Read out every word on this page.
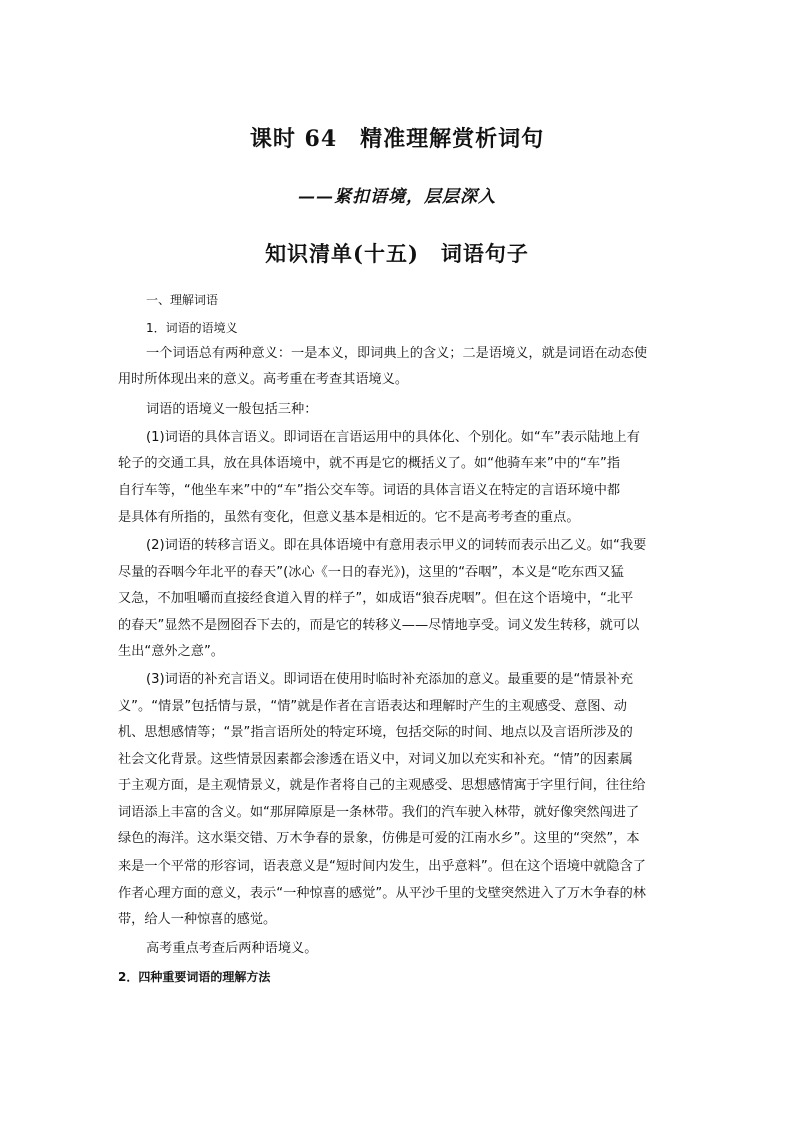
课时 64　精准理解赏析词句
——紧扣语境，层层深入
知识清单(十五)　词语句子
一、理解词语
1．词语的语境义
一个词语总有两种意义：一是本义，即词典上的含义；二是语境义，就是词语在动态使
用时所体现出来的意义。高考重在考查其语境义。
词语的语境义一般包括三种：
(1)词语的具体言语义。即词语在言语运用中的具体化、个别化。如“车”表示陆地上有
轮子的交通工具，放在具体语境中，就不再是它的概括义了。如“他骑车来”中的“车”指
自行车等，“他坐车来”中的“车”指公交车等。词语的具体言语义在特定的言语环境中都
是具体有所指的，虽然有变化，但意义基本是相近的。它不是高考考查的重点。
(2)词语的转移言语义。即在具体语境中有意用表示甲义的词转而表示出乙义。如“我要
尽量的吞咽今年北平的春天”(冰心《一日的春光》)，这里的“吞咽”，本义是“吃东西又猛
又急，不加咀嚼而直接经食道入胃的样子”，如成语“狼吞虎咽”。但在这个语境中，“北平
的春天”显然不是囫囵吞下去的，而是它的转移义——尽情地享受。词义发生转移，就可以
生出“意外之意”。
(3)词语的补充言语义。即词语在使用时临时补充添加的意义。最重要的是“情景补充
义”。“情景”包括情与景，“情”就是作者在言语表达和理解时产生的主观感受、意图、动
机、思想感情等；“景”指言语所处的特定环境，包括交际的时间、地点以及言语所涉及的
社会文化背景。这些情景因素都会渗透在语义中，对词义加以充实和补充。“情”的因素属
于主观方面，是主观情景义，就是作者将自己的主观感受、思想感情寓于字里行间，往往给
词语添上丰富的含义。如“那屏障原是一条林带。我们的汽车驶入林带，就好像突然闯进了
绿色的海洋。这水渠交错、万木争春的景象，仿佛是可爱的江南水乡”。这里的“突然”，本
来是一个平常的形容词，语表意义是“短时间内发生，出乎意料”。但在这个语境中就隐含了
作者心理方面的意义，表示“一种惊喜的感觉”。从平沙千里的戈壁突然进入了万木争春的林
带，给人一种惊喜的感觉。
高考重点考查后两种语境义。
2．四种重要词语的理解方法
